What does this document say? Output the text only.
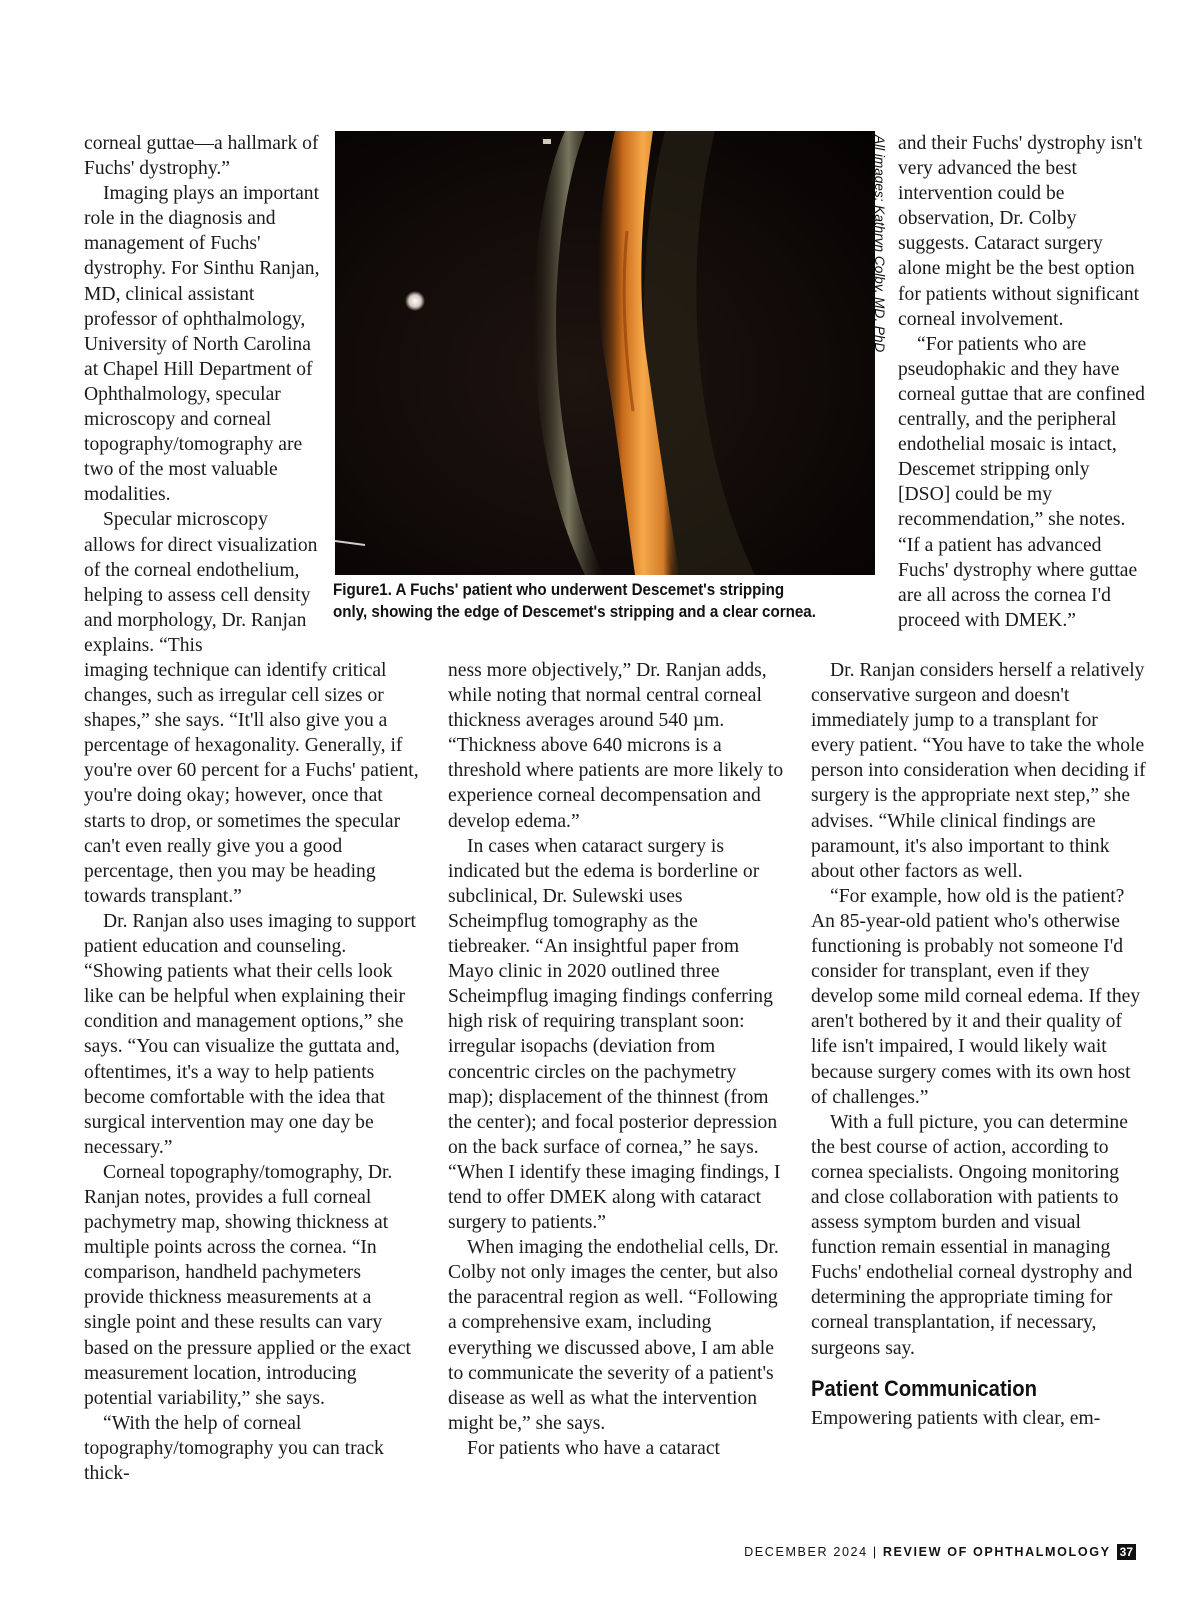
corneal guttae—a hallmark of Fuchs' dystrophy.”

Imaging plays an important role in the diagnosis and management of Fuchs' dystrophy. For Sinthu Ranjan, MD, clinical assistant professor of ophthalmology, University of North Carolina at Chapel Hill Department of Ophthalmology, specular microscopy and corneal topography/tomography are two of the most valuable modalities.

Specular microscopy allows for direct visualization of the corneal endothelium, helping to assess cell density and morphology, Dr. Ranjan explains. “This

Figure1. A Fuchs' patient who underwent Descemet's stripping only, showing the edge of Descemet's stripping and a clear cornea.
All images: Kathryn Colby, MD, PhD and their Fuchs' dystrophy isn't very advanced the best intervention could be observation, Dr. Colby suggests. Cataract surgery alone might be the best option for patients without significant corneal involvement.

“For patients who are pseudophakic and they have corneal guttae that are confined centrally, and the peripheral endothelial mosaic is intact, Descemet stripping only [DSO] could be my recommendation,” she notes. “If a patient has advanced Fuchs' dystrophy where guttae are all across the cornea I'd proceed with DMEK.”

imaging technique can identify critical changes, such as irregular cell sizes or shapes,” she says. “It'll also give you a percentage of hexagonality. Generally, if you're over 60 percent for a Fuchs' patient, you're doing okay; however, once that starts to drop, or sometimes the specular can't even really give you a good percentage, then you may be heading towards transplant.”

Dr. Ranjan also uses imaging to support patient education and counseling. “Showing patients what their cells look like can be helpful when explaining their condition and management options,” she says. “You can visualize the guttata and, oftentimes, it's a way to help patients become comfortable with the idea that surgical intervention may one day be necessary.”

Corneal topography/tomography, Dr. Ranjan notes, provides a full corneal pachymetry map, showing thickness at multiple points across the cornea. “In comparison, handheld pachymeters provide thickness measurements at a single point and these results can vary based on the pressure applied or the exact measurement location, introducing potential variability,” she says.

“With the help of corneal topography/tomography you can track thick-

ness more objectively,” Dr. Ranjan adds, while noting that normal central corneal thickness averages around 540 µm. “Thickness above 640 microns is a threshold where patients are more likely to experience corneal decompensation and develop edema.”

In cases when cataract surgery is indicated but the edema is borderline or subclinical, Dr. Sulewski uses Scheimpflug tomography as the tiebreaker. “An insightful paper from Mayo clinic in 2020 outlined three Scheimpflug imaging findings conferring high risk of requiring transplant soon: irregular isopachs (deviation from concentric circles on the pachymetry map); displacement of the thinnest (from the center); and focal posterior depression on the back surface of cornea,” he says. “When I identify these imaging findings, I tend to offer DMEK along with cataract surgery to patients.”

When imaging the endothelial cells, Dr. Colby not only images the center, but also the paracentral region as well. “Following a comprehensive exam, including everything we discussed above, I am able to communicate the severity of a patient's disease as well as what the intervention might be,” she says.

For patients who have a cataract

Dr. Ranjan considers herself a relatively conservative surgeon and doesn't immediately jump to a transplant for every patient. “You have to take the whole person into consideration when deciding if surgery is the appropriate next step,” she advises. “While clinical findings are paramount, it's also important to think about other factors as well.

“For example, how old is the patient? An 85-year-old patient who's otherwise functioning is probably not someone I'd consider for transplant, even if they develop some mild corneal edema. If they aren't bothered by it and their quality of life isn't impaired, I would likely wait because surgery comes with its own host of challenges.”

With a full picture, you can determine the best course of action, according to cornea specialists. Ongoing monitoring and close collaboration with patients to assess symptom burden and visual function remain essential in managing Fuchs' endothelial corneal dystrophy and determining the appropriate timing for corneal transplantation, if necessary, surgeons say.

Patient Communication

Empowering patients with clear, em-

DECEMBER 2024 | REVIEW OF OPHTHALMOLOGY 37
